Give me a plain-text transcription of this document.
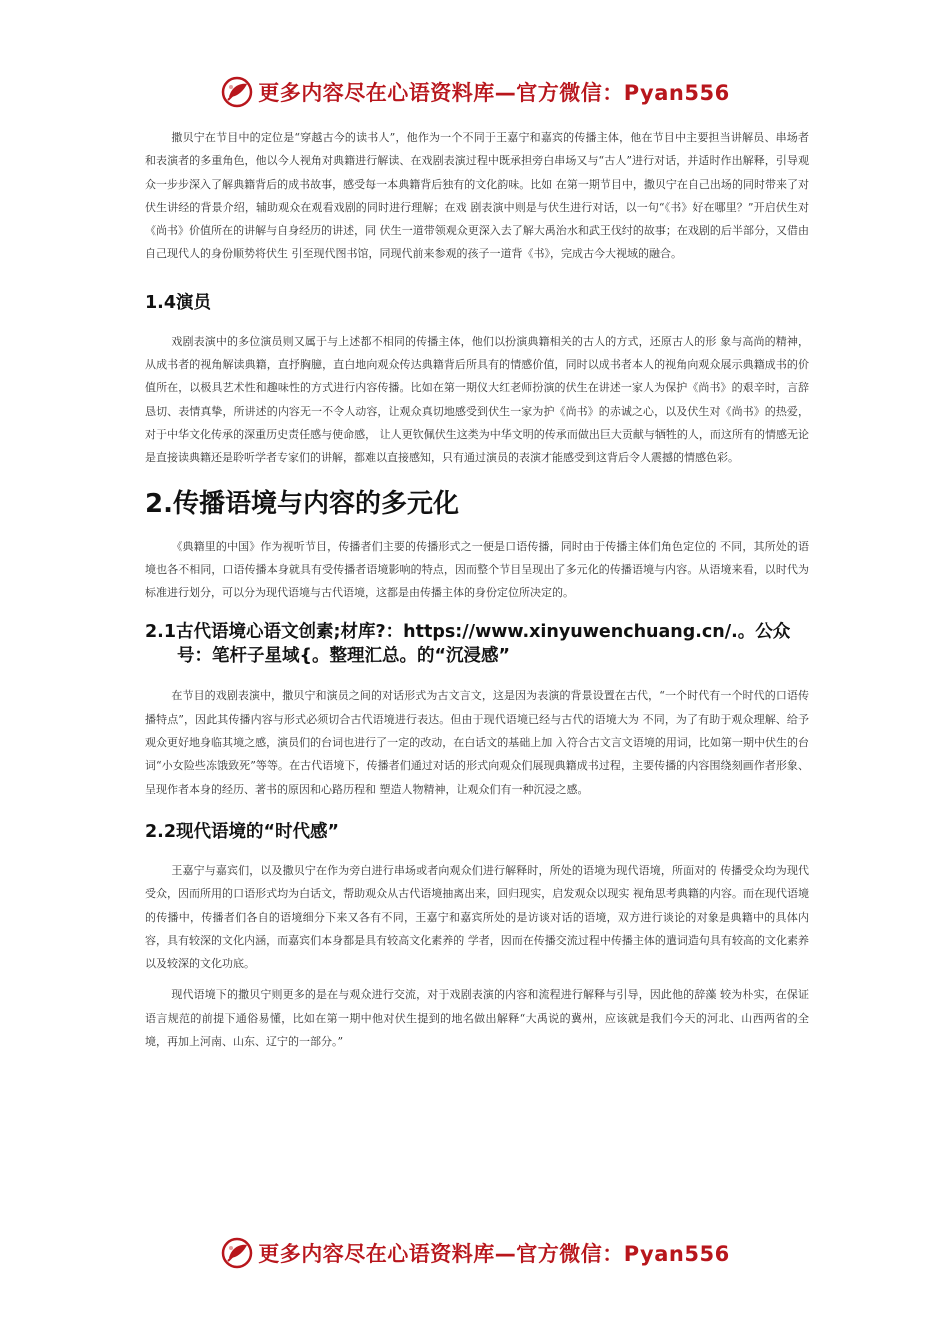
更多内容尽在心语资料库—官方微信：Pyan556

撒贝宁在节目中的定位是“穿越古今的读书人”，他作为一个不同于王嘉宁和嘉宾的传播主体，他在节目中主要担当讲解员、串场者和表演者的多重角色，他以今人视角对典籍进行解读、在戏剧表演过程中既承担旁白串场又与“古人”进行对话，并适时作出解释，引导观众一步步深入了解典籍背后的成书故事，感受每一本典籍背后独有的文化韵味。比如 在第一期节目中，撒贝宁在自己出场的同时带来了对伏生讲经的背景介绍，辅助观众在观看戏剧的同时进行理解；在戏 剧表演中则是与伏生进行对话，以一句“《书》好在哪里？”开启伏生对《尚书》价值所在的讲解与自身经历的讲述，同 伏生一道带领观众更深入去了解大禹治水和武王伐纣的故事；在戏剧的后半部分，又借由自己现代人的身份顺势将伏生 引至现代图书馆，同现代前来参观的孩子一道背《书》，完成古今大视域的融合。

1.4演员

戏剧表演中的多位演员则又属于与上述都不相同的传播主体，他们以扮演典籍相关的古人的方式，还原古人的形 象与高尚的精神，从成书者的视角解读典籍，直抒胸臆，直白地向观众传达典籍背后所具有的情感价值，同时以成书者本人的视角向观众展示典籍成书的价值所在，以极具艺术性和趣味性的方式进行内容传播。比如在第一期仪大红老师扮演的伏生在讲述一家人为保护《尚书》的艰辛时，言辞恳切、表情真挚，所讲述的内容无一不令人动容，让观众真切地感受到伏生一家为护《尚书》的赤诚之心，以及伏生对《尚书》的热爱，对于中华文化传承的深重历史责任感与使命感， 让人更钦佩伏生这类为中华文明的传承而做出巨大贡献与牺牲的人，而这所有的情感无论是直接读典籍还是聆听学者专家们的讲解，都难以直接感知，只有通过演员的表演才能感受到这背后令人震撼的情感色彩。

2.传播语境与内容的多元化

《典籍里的中国》作为视听节目，传播者们主要的传播形式之一便是口语传播，同时由于传播主体们角色定位的 不同，其所处的语境也各不相同，口语传播本身就具有受传播者语境影响的特点，因而整个节目呈现出了多元化的传播语境与内容。从语境来看，以时代为标准进行划分，可以分为现代语境与古代语境，这都是由传播主体的身份定位所决定的。

2.1古代语境心语文创素;材库?：https://www.xinyuwenchuang.cn/.。公众号：笔杆子星域{。整理汇总。的“沉浸感”

在节目的戏剧表演中，撒贝宁和演员之间的对话形式为古文言文，这是因为表演的背景设置在古代，“一个时代有一个时代的口语传播特点”，因此其传播内容与形式必须切合古代语境进行表达。但由于现代语境已经与古代的语境大为 不同，为了有助于观众理解、给予观众更好地身临其境之感，演员们的台词也进行了一定的改动，在白话文的基础上加 入符合古文言文语境的用词，比如第一期中伏生的台词“小女险些冻饿致死”等等。在古代语境下，传播者们通过对话的形式向观众们展现典籍成书过程，主要传播的内容围绕刻画作者形象、呈现作者本身的经历、著书的原因和心路历程和 塑造人物精神，让观众们有一种沉浸之感。

2.2现代语境的“时代感”

王嘉宁与嘉宾们，以及撒贝宁在作为旁白进行串场或者向观众们进行解释时，所处的语境为现代语境，所面对的 传播受众均为现代受众，因而所用的口语形式均为白话文，帮助观众从古代语境抽离出来，回归现实，启发观众以现实 视角思考典籍的内容。而在现代语境的传播中，传播者们各自的语境细分下来又各有不同，王嘉宁和嘉宾所处的是访谈对话的语境，双方进行谈论的对象是典籍中的具体内容，具有较深的文化内涵，而嘉宾们本身都是具有较高文化素养的 学者，因而在传播交流过程中传播主体的遣词造句具有较高的文化素养以及较深的文化功底。

现代语境下的撒贝宁则更多的是在与观众进行交流，对于戏剧表演的内容和流程进行解释与引导，因此他的辞藻 较为朴实，在保证语言规范的前提下通俗易懂，比如在第一期中他对伏生提到的地名做出解释“大禹说的冀州，应该就是我们今天的河北、山西两省的全境，再加上河南、山东、辽宁的一部分。”

更多内容尽在心语资料库—官方微信：Pyan556
